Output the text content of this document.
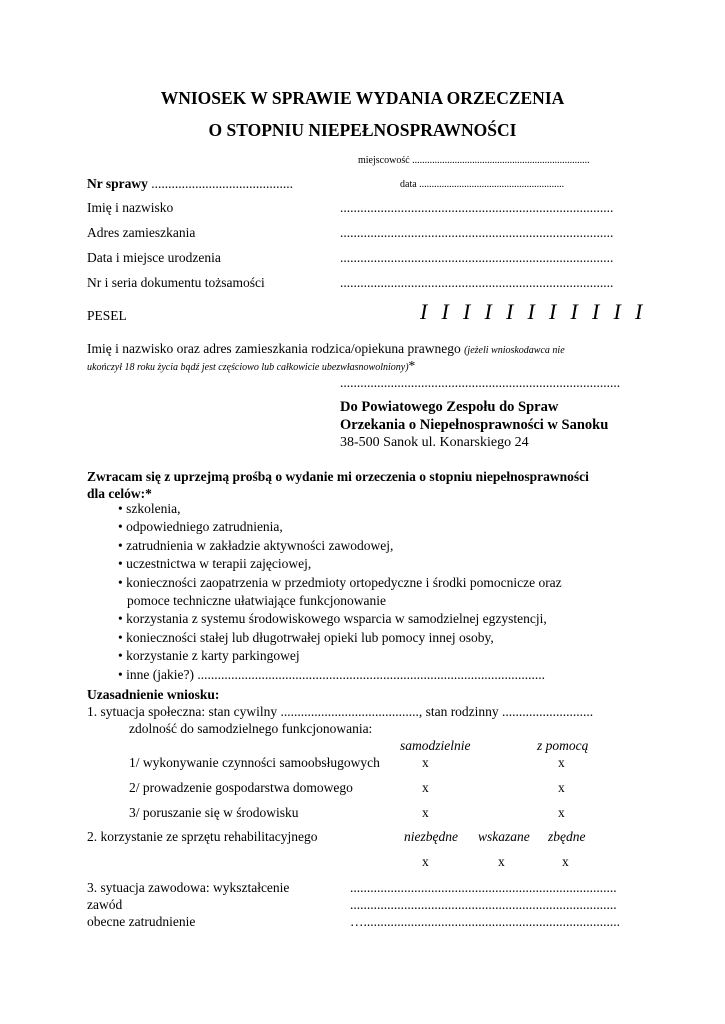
WNIOSEK W SPRAWIE WYDANIA ORZECZENIA
O STOPNIU NIEPEŁNOSPRAWNOŚCI
miejscowość .......................................................................
Nr sprawy ..........................................	data ..........................................................
Imię i nazwisko	.................................................................................
Adres zamieszkania	.................................................................................
Data i miejsce urodzenia	.................................................................................
Nr i seria dokumentu tożsamości	.................................................................................
PESEL	I I I I I I I I I I I
Imię i nazwisko oraz adres zamieszkania rodzica/opiekuna prawnego (jeżeli wnioskodawca nie
ukończył 18 roku życia bądź jest częściowo lub całkowicie ubezwłasnowolniony)*
...................................................................................
Do Powiatowego Zespołu do Spraw
Orzekania o Niepełnosprawności w Sanoku
38-500 Sanok ul. Konarskiego 24
Zwracam się z uprzejmą prośbą o wydanie mi orzeczenia o stopniu niepełnosprawności
dla celów:*
• szkolenia,
• odpowiedniego zatrudnienia,
• zatrudnienia w zakładzie aktywności zawodowej,
• uczestnictwa w terapii zajęciowej,
• konieczności zaopatrzenia w przedmioty ortopedyczne i środki pomocnicze oraz
pomoce techniczne ułatwiające funkcjonowanie
• korzystania z systemu środowiskowego wsparcia w samodzielnej egzystencji,
• konieczności stałej lub długotrwałej opieki lub pomocy innej osoby,
• korzystanie z karty parkingowej
• inne (jakie?) .......................................................................................................
Uzasadnienie wniosku:
1. sytuacja społeczna: stan cywilny ........................................., stan rodzinny ...........................
zdolność do samodzielnego funkcjonowania:
samodzielnie	z pomocą
1/ wykonywanie czynności samoobsługowych	x	x
2/ prowadzenie gospodarstwa domowego	x	x
3/ poruszanie się w środowisku	x	x
2. korzystanie ze sprzętu rehabilitacyjnego	niezbędne wskazane zbędne
x	x	x
3. sytuacja zawodowa: wykształcenie	...............................................................................
zawód	...............................................................................
obecne zatrudnienie	…............................................................................
